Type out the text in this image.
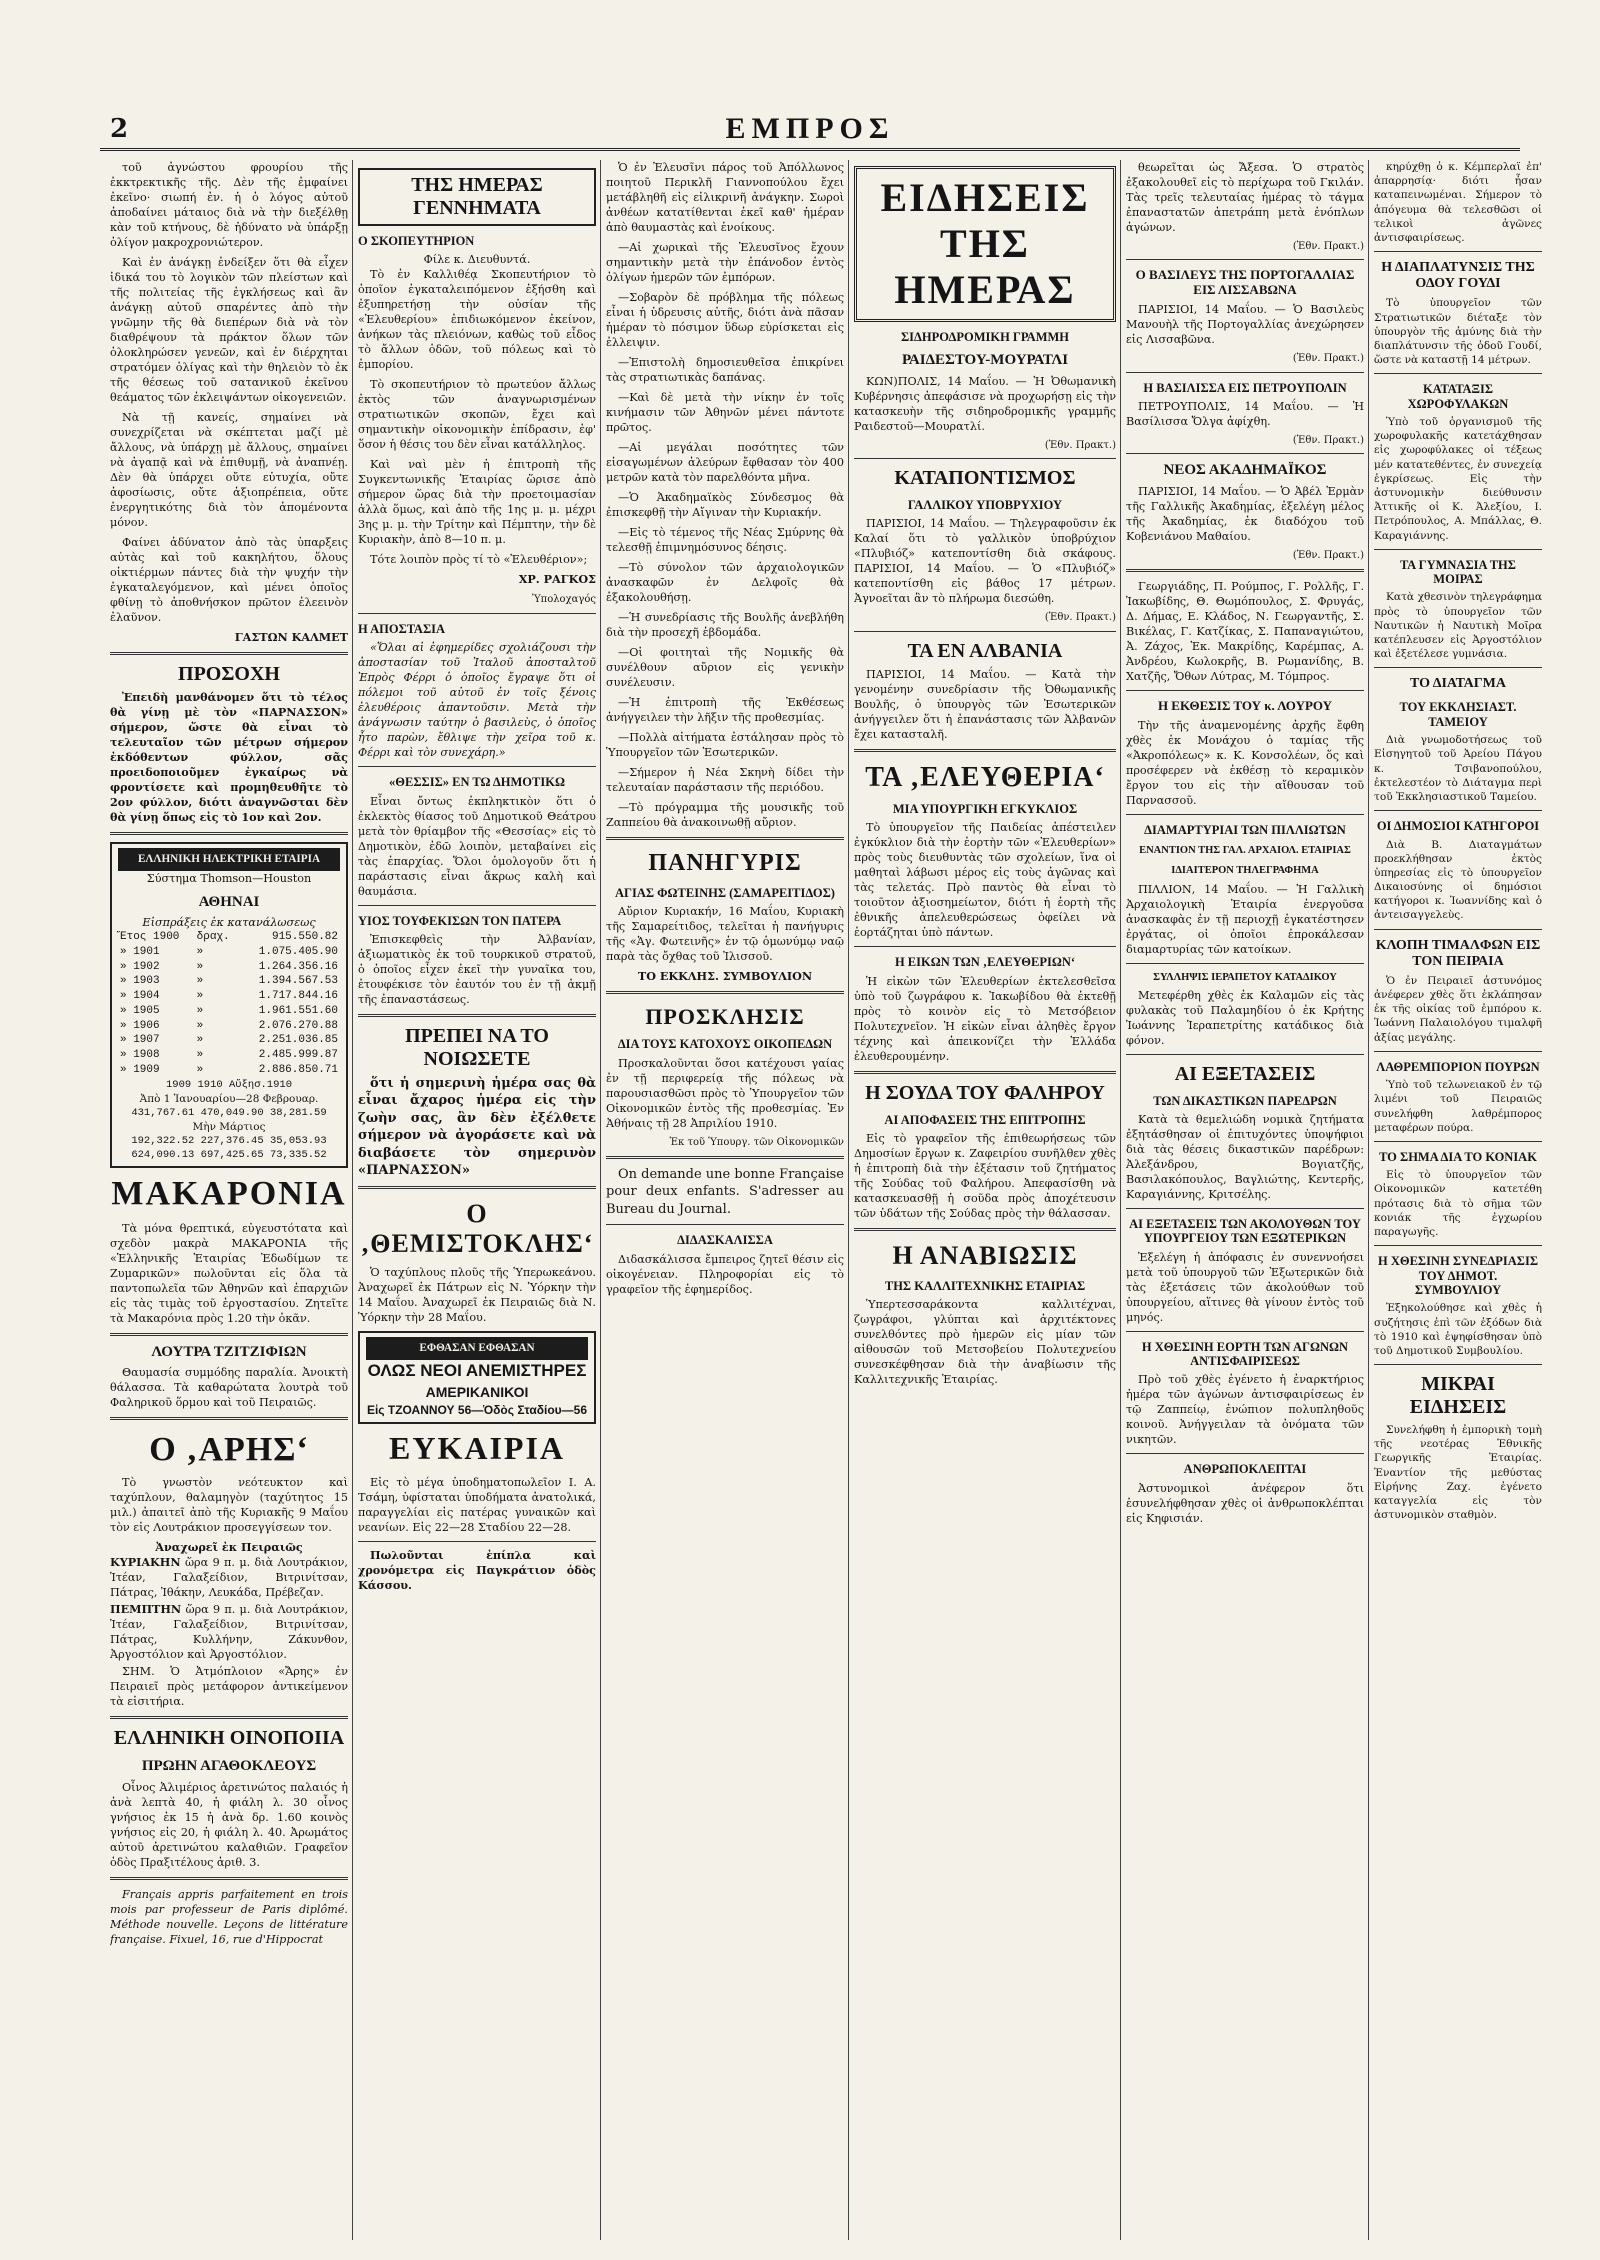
2	ΕΜΠΡΟΣ

τοῦ ἀγνώστου φρουρίου τῆς ἐκκτρεκτικῆς τῆς. Δὲν τῆς ἐμφαίνει ἐκεῖνο· σιωπή ἐν. ἡ ὁ λόγος αὐτοῦ ἀποδαίνει μάταιος διὰ νὰ τὴν διεξέλθῃ κὰν τοῦ κτήνους, δὲ ἠδύνατο νὰ ὑπάρξῃ ὀλίγον μακροχρονιώτερον.

Καὶ ἐν ἀνάγκῃ ἐνδείξεν ὅτι θὰ εἶχεν ἰδικά του τὸ λογικὸν τῶν πλείστων καὶ τῆς πολιτείας τῆς ἐγκλήσεως καὶ ἂν ἀνάγκῃ αὐτοῦ σπαρέντες ἀπὸ τὴν γνῶμην τῆς θὰ διεπέρων διὰ νὰ τὸν διαθρέψουν τὰ πράκτον ὅλων τῶν ὁλοκληρώσεν γενεῶν, καὶ ἐν διέρχηται στρατόμεν ὀλίγας καὶ τὴν θηλειὸν τὸ ἐκ τῆς θέσεως τοῦ σατανικοῦ ἐκεῖνου θεάματος τῶν ἐκλειψάντων οἰκογενειῶν.

Νὰ τῇ κανείς, σημαίνει νὰ συνεχρίζεται νὰ σκέπτεται μαζί μὲ ἄλλους, νὰ ὑπάρχῃ μὲ ἄλλους, σημαίνει νὰ ἀγαπᾷ καὶ νὰ ἐπιθυμῇ, νὰ ἀναπνέῃ. Δὲν θὰ ὑπάρχει οὔτε εὐτυχία, οὔτε ἀφοσίωσις, οὔτε ἀξιοπρέπεια, οὔτε ἐνεργητικότης διὰ τὸν ἀπομένοντα μόνον.

Φαίνει ἀδύνατον ἀπὸ τὰς ὑπαρξεις αὐτὰς καὶ τοῦ κακηλήτου, ὅλους οἰκτιέρμων πάντες διὰ τὴν ψυχήν τὴν ἐγκαταλεγόμενον, καὶ μένει ὁποῖος φθίνῃ τὸ ἀποθνήσκον πρῶτον ἐλεεινὸν ἐλαῦνον.

ΓΑΣΤΩΝ ΚΑΛΜΕΤ
ΠΡΟΣΟΧΗ

Ἐπειδὴ μανθάνομεν ὅτι τὸ τέλος θὰ γίνῃ μὲ τὸν «ΠΑΡΝΑΣΣΟΝ» σήμερον, ὥστε θὰ εἶναι τὸ τελευταῖον τῶν μέτρων σήμερον ἐκδόθεντων φύλλον, σᾶς προειδοποιοῦμεν ἐγκαίρως νὰ φροντίσετε καὶ προμηθευθῆτε τὸ 2ον φύλλον, διότι ἀναγνῶσται δὲν θὰ γίνῃ ὅπως εἰς τὸ 1ον καὶ 2ον.

ΕΛΛΗΝΙΚΗ ΗΛΕΚΤΡΙΚΗ ΕΤΑΙΡΙΑ
Σύστημα Thomson—Houston
ΑΘΗΝΑΙ
Εἰσπράξεις ἐκ κατανάλωσεως
Ἔτος 1900	δραχ.	915.550.82
» 1901	»	1.075.405.90
» 1902	»	1.264.356.16
» 1903	»	1.394.567.53
» 1904	»	1.717.844.16
» 1905	»	1.961.551.60
» 1906	»	2.076.270.88
» 1907	»	2.251.036.85
» 1908	»	2.485.999.87
» 1909	»	2.886.850.71
1909 1910 Αὔξησ.1910
Ἀπὸ 1 Ἰανουαρίου—28 Φεβρουαρ.
431,767.61 470,049.90 38,281.59
Μὴν Μάρτιος
192,322.52 227,376.45 35,053.93
624,090.13 697,425.65 73,335.52
ΜΑΚΑΡΟΝΙΑ

Τὰ μόνα θρεπτικά, εὐγευστότατα καὶ σχεδὸν μακρὰ ΜΑΚΑΡΟΝΙΑ τῆς «Ἑλληνικῆς Ἑταιρίας Ἐδωδίμων τε Ζυμαρικῶν» πωλοῦνται εἰς ὅλα τὰ παντοπωλεῖα τῶν Ἀθηνῶν καὶ ἐπαρχιῶν εἰς τὰς τιμὰς τοῦ ἐργοστασίου. Ζητεῖτε τὰ Μακαρόνια πρὸς 1.20 τὴν ὀκᾶν.

ΛΟΥΤΡΑ ΤΖΙΤΖΙΦΙΩΝ

Θαυμασία συμμόδης παραλία. Ἀνοικτὴ θάλασσα. Τὰ καθαρώτατα λουτρὰ τοῦ Φαληρικοῦ ὅρμου καὶ τοῦ Πειραιῶς.

Ο ‚ΑΡΗΣ‘

Τὸ γνωστὸν νεότευκτον καὶ ταχύπλουν, θαλαμηγὸν (ταχύτητος 15 μιλ.) ἀπαιτεῖ ἀπὸ τῆς Κυριακῆς 9 Μαΐου τὸν εἰς Λουτράκιον προσεγγίσεων τον.

Ἀναχωρεῖ ἐκ Πειραιῶς

ΚΥΡΙΑΚΗΝ ὥρα 9 π. μ. διὰ Λουτράκιον, Ἰτέαν, Γαλαξείδιον, Βιτρινίτσαν, Πάτρας, Ἰθάκην, Λευκάδα, Πρέβεζαν.

ΠΕΜΠΤΗΝ ὥρα 9 π. μ. διὰ Λουτράκιον, Ἰτέαν, Γαλαξείδιον, Βιτρινίτσαν, Πάτρας, Κυλλήνην, Ζάκυνθον, Ἀργοστόλιον καὶ Ἀργοστόλιον.

ΣΗΜ. Ὁ Ἀτμόπλοιον «Ἄρης» ἐν Πειραιεῖ πρὸς μετάφορον ἀντικείμενον τὰ εἰσιτήρια.

ΕΛΛΗΝΙΚΗ ΟΙΝΟΠΟΙΙΑ
ΠΡΩΗΝ ΑΓΑΘΟΚΛΕΟΥΣ

Οἶνος Ἀλιμέριος ἀρετινώτος παλαιός ἡ ἀνὰ λεπτὰ 40, ἡ φιάλη λ. 30 οἶνος γνήσιος ἐκ 15 ἡ ἀνὰ δρ. 1.60 κοινὸς γνήσιος εἰς 20, ἡ φιάλη λ. 40. Ἀρωμάτος αὐτοῦ ἀρετινώτου καλαθιῶν. Γραφεῖον ὁδὸς Πραξιτέλους ἀριθ. 3.

Français appris parfaitement en trois mois par professeur de Paris diplômé. Méthode nouvelle. Leçons de littérature française. Fixuel, 16, rue d'Hippocrat

ΤΗΣ ΗΜΕΡΑΣ ΓΕΝΝΗΜΑΤΑ
Ο ΣΚΟΠΕΥΤΗΡΙΟΝ
Φίλε κ. Διευθυντά.

Τὸ ἐν Καλλιθέᾳ Σκοπευτήριον τὸ ὁποῖον ἐγκαταλειπόμενον ἐξήσθη καὶ ἐξυπηρετήσῃ τὴν οὐσίαν τῆς «Ἐλευθερίου» ἐπιδιωκόμενον ἐκείνον, ἀνήκων τὰς πλειόνων, καθὼς τοῦ εἶδος τὸ ἄλλων ὁδῶν, τοῦ πόλεως καὶ τὸ ἐμπορίου.

Τὸ σκοπευτήριον τὸ πρωτεύον ἄλλως ἐκτὸς τῶν ἀναγνωρισμένων στρατιωτικῶν σκοπῶν, ἔχει καὶ σημαντικὴν οἰκονομικὴν ἐπίδρασιν, ἐφ' ὅσον ἡ θέσις του δὲν εἶναι κατάλληλος.

Καὶ ναὶ μὲν ἡ ἐπιτροπὴ τῆς Συγκεντωνικῆς Ἑταιρίας ὥρισε ἀπὸ σήμερον ὥρας διὰ τὴν προετοιμασίαν ἀλλὰ ὅμως, καὶ ἀπὸ τῆς 1ης μ. μ. μέχρι 3ης μ. μ. τὴν Τρίτην καὶ Πέμπτην, τὴν δὲ Κυριακὴν, ἀπὸ 8—10 π. μ.

Τότε λοιπὸν πρὸς τί τὸ «Ἐλευθέριον»;

ΧΡ. ΡΑΓΚΟΣ
Ὑπολοχαγός
Η ΑΠΟΣΤΑΣΙΑ

«Ὅλαι αἱ ἐφημερίδες σχολιάζουσι τὴν ἀποστασίαν τοῦ Ἰταλοῦ ἀποσταλτοῦ Ἐπρὸς Φέρρι ὁ ὁποῖος ἔγραψε ὅτι οἱ πόλεμοι τοῦ αὐτοῦ ἐν τοῖς ξένοις ἐλευθέροις ἀπαντοῦσιν. Μετὰ τὴν ἀνάγνωσιν ταύτην ὁ βασιλεὺς, ὁ ὁποῖος ἦτο παρὼν, ἔθλιψε τὴν χεῖρα τοῦ κ. Φέρρι καὶ τὸν συνεχάρη.»

«ΘΕΣΣΙΣ» ΕΝ ΤΩ ΔΗΜΟΤΙΚΩ

Εἶναι ὄντως ἐκπληκτικὸν ὅτι ὁ ἐκλεκτὸς θίασος τοῦ Δημοτικοῦ Θεάτρου μετὰ τὸν θρίαμβον τῆς «Θεσσίας» εἰς τὸ Δημοτικὸν, ἐδῶ λοιπὸν, μεταβαίνει εἰς τὰς ἐπαρχίας. Ὅλοι ὁμολογοῦν ὅτι ἡ παράστασις εἶναι ἄκρως καλὴ καὶ θαυμάσια.

ΥΙΟΣ ΤΟΥΦΕΚΙΣΩΝ ΤΟΝ ΠΑΤΕΡΑ

Ἐπισκεφθεὶς τὴν Ἀλβανίαν, ἀξιωματικὸς ἐκ τοῦ τουρκικοῦ στρατοῦ, ὁ ὁποῖος εἶχεν ἐκεῖ τὴν γυναῖκα του, ἐτουφέκισε τὸν ἑαυτόν του ἐν τῇ ἀκμῇ τῆς ἐπαναστάσεως.

ΠΡΕΠΕΙ ΝΑ ΤΟ ΝΟΙΩΣΕΤΕ

ὅτι ἡ σημερινὴ ἡμέρα σας θὰ εἶναι ἄχαρος ἡμέρα εἰς τὴν ζωὴν σας, ἂν δὲν ἐξέλθετε σήμερον νὰ ἀγοράσετε καὶ νὰ διαβάσετε τὸν σημερινὸν «ΠΑΡΝΑΣΣΟΝ»

Ο ‚ΘΕΜΙΣΤΟΚΛΗΣ‘

Ὁ ταχύπλους πλοῦς τῆς Ὑπερωκεάνου. Ἀναχωρεῖ ἐκ Πάτρων εἰς Ν. Ὑόρκην τὴν 14 Μαΐου. Ἀναχωρεῖ ἐκ Πειραιῶς διὰ Ν. Ὑόρκην τὴν 28 Μαΐου.

ΕΦΘΑΣΑΝ ΕΦΘΑΣΑΝ
ΟΛΩΣ ΝΕΟΙ ΑΝΕΜΙΣΤΗΡΕΣ
ΑΜΕΡΙΚΑΝΙΚΟΙ
Εἰς ΤΖΟΑΝΝΟΥ 56—Ὁδὸς Σταδίου—56
ΕΥΚΑΙΡΙΑ

Εἰς τὸ μέγα ὑποδηματοπωλεῖον Ι. Α. Τσάμη, ὑφίσταται ὑποδήματα ἀνατολικά, παραγγελίαι εἰς πατέρας γυναικῶν καὶ νεανίων. Εἰς 22—28 Σταδίου 22—28.

Πωλοῦνται ἐπίπλα καὶ χρονόμετρα εἰς Παγκράτιον ὁδὸς Κάσσου.

Ὁ ἐν Ἐλευσῖνι πάρος τοῦ Ἀπόλλωνος ποιητοῦ Περικλῆ Γιαννοπούλου ἔχει μετάβληθῆ εἰς εἰλικρινῆ ἀνάγκην. Σωροὶ ἀνθέων κατατίθενται ἐκεῖ καθ' ἡμέραν ἀπὸ θαυμαστὰς καὶ ἐνοίκους.

—Αἱ χωρικαὶ τῆς Ἐλευσῖνος ἔχουν σημαντικὴν μετὰ τὴν ἐπάνοδον ἐντὸς ὀλίγων ἡμερῶν τῶν ἐμπόρων.

—Σοβαρὸν δὲ πρόβλημα τῆς πόλεως εἶναι ἡ ὑδρευσις αὐτῆς, διότι ἀνὰ πᾶσαν ἡμέραν τὸ πόσιμον ὕδωρ εὑρίσκεται εἰς ἐλλειψιν.

—Ἐπιστολὴ δημοσιευθεῖσα ἐπικρίνει τὰς στρατιωτικὰς δαπάνας.

—Καὶ δὲ μετὰ τὴν νίκην ἐν τοῖς κινήμασιν τῶν Ἀθηνῶν μένει πάντοτε πρῶτος.

—Αἱ μεγάλαι ποσότητες τῶν εἰσαγωμένων ἀλεύρων ἔφθασαν τὸν 400 μετρῶν κατὰ τὸν παρελθόντα μῆνα.

—Ὁ Ἀκαδημαϊκὸς Σύνδεσμος θὰ ἐπισκεφθῇ τὴν Αἴγιναν τὴν Κυριακήν.

—Εἰς τὸ τέμενος τῆς Νέας Σμύρνης θὰ τελεσθῇ ἐπιμνημόσυνος δέησις.

—Τὸ σύνολον τῶν ἀρχαιολογικῶν ἀνασκαφῶν ἐν Δελφοῖς θὰ ἐξακολουθήσῃ.

—Ἡ συνεδρίασις τῆς Βουλῆς ἀνεβλήθη διὰ τὴν προσεχῆ ἑβδομάδα.

—Οἱ φοιτηταὶ τῆς Νομικῆς θὰ συνέλθουν αὔριον εἰς γενικὴν συνέλευσιν.

—Ἡ ἐπιτροπὴ τῆς Ἐκθέσεως ἀνήγγειλεν τὴν λῆξιν τῆς προθεσμίας.

—Πολλὰ αἰτήματα ἐστάλησαν πρὸς τὸ Ὑπουργεῖον τῶν Ἐσωτερικῶν.

—Σήμερον ἡ Νέα Σκηνὴ δίδει τὴν τελευταίαν παράστασιν τῆς περιόδου.

—Τὸ πρόγραμμα τῆς μουσικῆς τοῦ Ζαππείου θὰ ἀνακοινωθῇ αὔριον.

ΠΑΝΗΓΥΡΙΣ
ΑΓΙΑΣ ΦΩΤΕΙΝΗΣ (ΣΑΜΑΡΕΙΤΙΔΟΣ)

Αὔριον Κυριακήν, 16 Μαΐου, Κυριακὴ τῆς Σαμαρείτιδος, τελεῖται ἡ πανήγυρις τῆς «Ἁγ. Φωτεινῆς» ἐν τῷ ὁμωνύμῳ ναῷ παρὰ τὰς ὄχθας τοῦ Ἰλισσοῦ.

ΤΟ ΕΚΚΛΗΣ. ΣΥΜΒΟΥΛΙΟΝ
ΠΡΟΣΚΛΗΣΙΣ
ΔΙΑ ΤΟΥΣ ΚΑΤΟΧΟΥΣ ΟΙΚΟΠΕΔΩΝ

Προσκαλοῦνται ὅσοι κατέχουσι γαίας ἐν τῇ περιφερείᾳ τῆς πόλεως νὰ παρουσιασθῶσι πρὸς τὸ Ὑπουργεῖον τῶν Οἰκονομικῶν ἐντὸς τῆς προθεσμίας. Ἐν Ἀθήναις τῇ 28 Ἀπριλίου 1910.

Ἐκ τοῦ Ὑπουργ. τῶν Οἰκονομικῶν

On demande une bonne Française pour deux enfants. S'adresser au Bureau du Journal.

ΔΙΔΑΣΚΑΛΙΣΣΑ

Διδασκάλισσα ἔμπειρος ζητεῖ θέσιν εἰς οἰκογένειαν. Πληροφορίαι εἰς τὸ γραφεῖον τῆς ἐφημερίδος.

ΕΙΔΗΣΕΙΣ ΤΗΣ ΗΜΕΡΑΣ
ΣΙΔΗΡΟΔΡΟΜΙΚΗ ΓΡΑΜΜΗ
ΡΑΙΔΕΣΤΟΥ-ΜΟΥΡΑΤΛΙ

ΚΩΝ)ΠΟΛΙΣ, 14 Μαΐου. — Ἡ Ὀθωμανικὴ Κυβέρνησις ἀπεφάσισε νὰ προχωρήσῃ εἰς τὴν κατασκευὴν τῆς σιδηροδρομικῆς γραμμῆς Ραιδεστοῦ—Μουρατλί.

(Ἐθν. Πρακτ.)
ΚΑΤΑΠΟΝΤΙΣΜΟΣ
ΓΑΛΛΙΚΟΥ ΥΠΟΒΡΥΧΙΟΥ

ΠΑΡΙΣΙΟΙ, 14 Μαΐου. — Τηλεγραφοῦσιν ἐκ Καλαί ὅτι τὸ γαλλικὸν ὑποβρύχιον «Πλυβιόζ» κατεποντίσθη διὰ σκάφους. ΠΑΡΙΣΙΟΙ, 14 Μαΐου. — Ὁ «Πλυβιόζ» κατεποντίσθη εἰς βάθος 17 μέτρων. Ἀγνοεῖται ἂν τὸ πλήρωμα διεσώθη.

(Ἐθν. Πρακτ.)
ΤΑ ΕΝ ΑΛΒΑΝΙΑ

ΠΑΡΙΣΙΟΙ, 14 Μαΐου. — Κατὰ τὴν γενομένην συνεδρίασιν τῆς Ὀθωμανικῆς Βουλῆς, ὁ ὑπουργὸς τῶν Ἐσωτερικῶν ἀνήγγειλεν ὅτι ἡ ἐπανάστασις τῶν Ἀλβανῶν ἔχει κατασταλῆ.

ΤΑ ‚ΕΛΕΥΘΕΡΙΑ‘
ΜΙΑ ΥΠΟΥΡΓΙΚΗ ΕΓΚΥΚΛΙΟΣ

Τὸ ὑπουργεῖον τῆς Παιδείας ἀπέστειλεν ἐγκύκλιον διὰ τὴν ἐορτὴν τῶν «Ἐλευθερίων» πρὸς τοὺς διευθυντὰς τῶν σχολείων, ἵνα οἱ μαθηταὶ λάβωσι μέρος εἰς τοὺς ἀγῶνας καὶ τὰς τελετάς. Πρὸ παντὸς θὰ εἶναι τὸ τοιοῦτον ἀξιοσημείωτον, διότι ἡ ἐορτὴ τῆς ἐθνικῆς ἀπελευθερώσεως ὀφείλει νὰ ἑορτάζηται ὑπὸ πάντων.

Η ΕΙΚΩΝ ΤΩΝ ‚ΕΛΕΥΘΕΡΙΩΝ‘

Ἡ εἰκὼν τῶν Ἐλευθερίων ἐκτελεσθεῖσα ὑπὸ τοῦ ζωγράφου κ. Ἰακωβίδου θὰ ἐκτεθῇ πρὸς τὸ κοινὸν εἰς τὸ Μετσόβειον Πολυτεχνεῖον. Ἡ εἰκὼν εἶναι ἀληθὲς ἔργον τέχνης καὶ ἀπεικονίζει τὴν Ἑλλάδα ἐλευθερουμένην.

Η ΣΟΥΔΑ ΤΟΥ ΦΑΛΗΡΟΥ
ΑΙ ΑΠΟΦΑΣΕΙΣ ΤΗΣ ΕΠΙΤΡΟΠΗΣ

Εἰς τὸ γραφεῖον τῆς ἐπιθεωρήσεως τῶν Δημοσίων ἔργων κ. Ζαφειρίου συνῆλθεν χθὲς ἡ ἐπιτροπὴ διὰ τὴν ἐξέτασιν τοῦ ζητήματος τῆς Σούδας τοῦ Φαλήρου. Ἀπεφασίσθη νὰ κατασκευασθῇ ἡ σοῦδα πρὸς ἀποχέτευσιν τῶν ὑδάτων τῆς Σούδας πρὸς τὴν θάλασσαν.

Η ΑΝΑΒΙΩΣΙΣ
ΤΗΣ ΚΑΛΛΙΤΕΧΝΙΚΗΣ ΕΤΑΙΡΙΑΣ

Ὑπερτεσσαράκοντα καλλιτέχναι, ζωγράφοι, γλύπται καὶ ἀρχιτέκτονες συνελθόντες πρὸ ἡμερῶν εἰς μίαν τῶν αἰθουσῶν τοῦ Μετσοβείου Πολυτεχνείου συνεσκέφθησαν διὰ τὴν ἀναβίωσιν τῆς Καλλιτεχνικῆς Ἑταιρίας.

θεωρεῖται ὡς Ἄξεσα. Ὁ στρατὸς ἐξακολουθεῖ εἰς τὸ περίχωρα τοῦ Γκιλάν. Τὰς τρεῖς τελευταίας ἡμέρας τὸ τάγμα ἐπαναστατῶν ἀπετράπη μετὰ ἐνόπλων ἀγώνων.

(Ἐθν. Πρακτ.)
Ο ΒΑΣΙΛΕΥΣ ΤΗΣ ΠΟΡΤΟΓΑΛΛΙΑΣ ΕΙΣ ΛΙΣΣΑΒΩΝΑ

ΠΑΡΙΣΙΟΙ, 14 Μαΐου. — Ὁ Βασιλεὺς Μανουὴλ τῆς Πορτογαλλίας ἀνεχώρησεν εἰς Λισσαβῶνα.

(Ἐθν. Πρακτ.)
Η ΒΑΣΙΛΙΣΣΑ ΕΙΣ ΠΕΤΡΟΥΠΟΛΙΝ

ΠΕΤΡΟΥΠΟΛΙΣ, 14 Μαΐου. — Ἡ Βασίλισσα Ὄλγα ἀφίχθη.

(Ἐθν. Πρακτ.)
ΝΕΟΣ ΑΚΑΔΗΜΑΪΚΟΣ

ΠΑΡΙΣΙΟΙ, 14 Μαΐου. — Ὁ Ἀβέλ Ἑρμὰν τῆς Γαλλικῆς Ἀκαδημίας, ἐξελέγη μέλος τῆς Ἀκαδημίας, ἐκ διαδόχου τοῦ Κοβενιάνου Μαθαίου.

(Ἐθν. Πρακτ.)

Γεωργιάδης, Π. Ρούμπος, Γ. Ρολλῆς, Γ. Ἰακωβίδης, Θ. Θωμόπουλος, Σ. Φρυγάς, Δ. Δήμας, Ε. Κλάδος, Ν. Γεωργαντῆς, Σ. Βικέλας, Γ. Κατζίκας, Σ. Παπαναγιώτου, Ἀ. Ζάχος, Ἐκ. Μακρίδης, Καρέμπας, Α. Ἀνδρέου, Κωλοκρῆς, Β. Ρωμανίδης, Β. Χατζῆς, Ὄθων Λύτρας, Μ. Τόμπρος.

Η ΕΚΘΕΣΙΣ ΤΟΥ κ. ΛΟΥΡΟΥ

Τὴν τῆς ἀναμενομένης ἀρχῆς ἔφθη χθὲς ἐκ Μονάχου ὁ ταμίας τῆς «Ἀκροπόλεως» κ. Κ. Κονσολέων, ὅς καὶ προσέφερεν νὰ ἐκθέσῃ τὸ κεραμικὸν ἔργον του εἰς τὴν αἴθουσαν τοῦ Παρνασσοῦ.

ΔΙΑΜΑΡΤΥΡΙΑΙ ΤΩΝ ΠΙΛΛΙΩΤΩΝ
ΕΝΑΝΤΙΟΝ ΤΗΣ ΓΑΛ. ΑΡΧΑΙΟΛ. ΕΤΑΙΡΙΑΣ
ΙΔΙΑΙΤΕΡΟΝ ΤΗΛΕΓΡΑΦΗΜΑ

ΠΙΛΛΙΟΝ, 14 Μαΐου. — Ἡ Γαλλικὴ Ἀρχαιολογικὴ Ἑταιρία ἐνεργοῦσα ἀνασκαφὰς ἐν τῇ περιοχῇ ἐγκατέστησεν ἐργάτας, οἱ ὁποῖοι ἐπροκάλεσαν διαμαρτυρίας τῶν κατοίκων.

ΣΥΛΛΗΨΙΣ ΙΕΡΑΠΕΤΟΥ ΚΑΤΑΔΙΚΟΥ

Μετεφέρθη χθὲς ἐκ Καλαμῶν εἰς τὰς φυλακὰς τοῦ Παλαμηδίου ὁ ἐκ Κρήτης Ἰωάννης Ἱεραπετρίτης κατάδικος διὰ φόνον.

ΑΙ ΕΞΕΤΑΣΕΙΣ
ΤΩΝ ΔΙΚΑΣΤΙΚΩΝ ΠΑΡΕΔΡΩΝ

Κατὰ τὰ θεμελιώδη νομικὰ ζητήματα ἐξητάσθησαν οἱ ἐπιτυχόντες ὑποψήφιοι διὰ τὰς θέσεις δικαστικῶν παρέδρων: Ἀλεξάνδρου, Βογιατζῆς, Βασιλακόπουλος, Βαγλιώτης, Κεντερῆς, Καραγιάννης, Κριτσέλης.

ΑΙ ΕΞΕΤΑΣΕΙΣ ΤΩΝ ΑΚΟΛΟΥΘΩΝ ΤΟΥ ΥΠΟΥΡΓΕΙΟΥ ΤΩΝ ΕΞΩΤΕΡΙΚΩΝ

Ἐξελέγη ἡ ἀπόφασις ἐν συνεννοήσει μετὰ τοῦ ὑπουργοῦ τῶν Ἐξωτερικῶν διὰ τὰς ἐξετάσεις τῶν ἀκολούθων τοῦ ὑπουργείου, αἵτινες θὰ γίνουν ἐντὸς τοῦ μηνός.

Η ΧΘΕΣΙΝΗ ΕΟΡΤΗ ΤΩΝ ΑΓΩΝΩΝ ΑΝΤΙΣΦΑΙΡΙΣΕΩΣ

Πρὸ τοῦ χθὲς ἐγένετο ἡ ἐναρκτήριος ἡμέρα τῶν ἀγώνων ἀντισφαιρίσεως ἐν τῷ Ζαππείῳ, ἐνώπιον πολυπληθοῦς κοινοῦ. Ἀνήγγειλαν τὰ ὀνόματα τῶν νικητῶν.

ΑΝΘΡΩΠΟΚΛΕΠΤΑΙ

Ἀστυνομικοὶ ἀνέφερον ὅτι ἐσυνελήφθησαν χθὲς οἱ ἀνθρωποκλέπται εἰς Κηφισιάν.

κηρύχθῃ ὁ κ. Κέμπερλαϊ ἐπ' ἀπαρρησίᾳ· διότι ἦσαν καταπεινωμέναι. Σήμερον τὸ ἀπόγευμα θὰ τελεσθῶσι οἱ τελικοὶ ἀγῶνες ἀντισφαιρίσεως.

Η ΔΙΑΠΛΑΤΥΝΣΙΣ ΤΗΣ ΟΔΟΥ ΓΟΥΔΙ

Τὸ ὑπουργεῖον τῶν Στρατιωτικῶν διέταξε τὸν ὑπουργὸν τῆς ἀμύνης διὰ τὴν διαπλάτυνσιν τῆς ὁδοῦ Γουδί, ὥστε νὰ καταστῇ 14 μέτρων.

ΚΑΤΑΤΑΞΙΣ ΧΩΡΟΦΥΛΑΚΩΝ

Ὑπὸ τοῦ ὀργανισμοῦ τῆς χωροφυλακῆς κατετάχθησαν εἰς χωροφύλακες οἱ τέξεως μέν κατατεθέντες, ἐν συνεχείᾳ ἐγκρίσεως. Εἰς τὴν ἀστυνομικὴν διεύθυνσιν Ἀττικῆς οἱ Κ. Ἀλεξίου, Ι. Πετρόπουλος, Α. Μπάλλας, Θ. Καραγιάννης.

ΤΑ ΓΥΜΝΑΣΙΑ ΤΗΣ ΜΟΙΡΑΣ

Κατὰ χθεσινὸν τηλεγράφημα πρὸς τὸ ὑπουργεῖον τῶν Ναυτικῶν ἡ Ναυτικὴ Μοῖρα κατέπλευσεν εἰς Ἀργοστόλιον καὶ ἐξετέλεσε γυμνάσια.

ΤΟ ΔΙΑΤΑΓΜΑ
ΤΟΥ ΕΚΚΛΗΣΙΑΣΤ. ΤΑΜΕΙΟΥ

Διὰ γνωμοδοτήσεως τοῦ Εἰσηγητοῦ τοῦ Ἀρείου Πάγου κ. Τσιβανοπούλου, ἐκτελεστέον τὸ Διάταγμα περὶ τοῦ Ἐκκλησιαστικοῦ Ταμείου.

ΟΙ ΔΗΜΟΣΙΟΙ ΚΑΤΗΓΟΡΟΙ

Διὰ Β. Διαταγμάτων προεκλήθησαν ἐκτὸς ὑπηρεσίας εἰς τὸ ὑπουργεῖον Δικαιοσύνης οἱ δημόσιοι κατήγοροι κ. Ἰωαννίδης καὶ ὁ ἀντεισαγγελεὺς.

ΚΛΟΠΗ ΤΙΜΑΛΦΩΝ ΕΙΣ ΤΟΝ ΠΕΙΡΑΙΑ

Ὁ ἐν Πειραιεῖ ἀστυνόμος ἀνέφερεν χθὲς ὅτι ἐκλάπησαν ἐκ τῆς οἰκίας τοῦ ἐμπόρου κ. Ἰωάννη Παλαιολόγου τιμαλφῆ ἀξίας μεγάλης.

ΛΑΘΡΕΜΠΟΡΙΟΝ ΠΟΥΡΩΝ

Ὑπὸ τοῦ τελωνειακοῦ ἐν τῷ λιμένι τοῦ Πειραιῶς συνελήφθη λαθρέμπορος μεταφέρων πούρα.

ΤΟ ΣΗΜΑ ΔΙΑ ΤΟ ΚΟΝΙΑΚ

Εἰς τὸ ὑπουργεῖον τῶν Οἰκονομικῶν κατετέθη πρότασις διὰ τὸ σῆμα τῶν κονιάκ τῆς ἐγχωρίου παραγωγῆς.

Η ΧΘΕΣΙΝΗ ΣΥΝΕΔΡΙΑΣΙΣ ΤΟΥ ΔΗΜΟΤ. ΣΥΜΒΟΥΛΙΟΥ

Ἐξηκολούθησε καὶ χθὲς ἡ συζήτησις ἐπὶ τῶν ἐξόδων διὰ τὸ 1910 καὶ ἐψηφίσθησαν ὑπὸ τοῦ Δημοτικοῦ Συμβουλίου.

ΜΙΚΡΑΙ ΕΙΔΗΣΕΙΣ

Συνελήφθη ἡ ἐμπορικὴ τομὴ τῆς νεοτέρας Ἐθνικῆς Γεωργικῆς Ἑταιρίας. Ἐναντίον τῆς μεθύστας Εἰρήνης Ζαχ. ἐγένετο καταγγελία εἰς τὸν ἀστυνομικὸν σταθμὸν.
